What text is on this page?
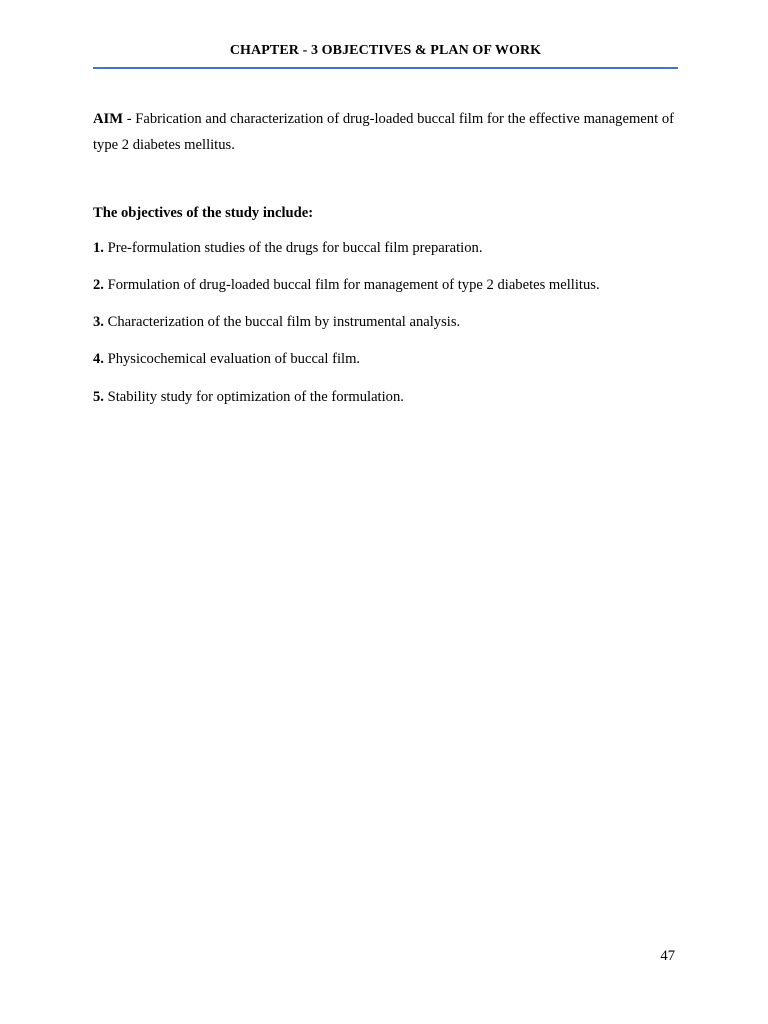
CHAPTER - 3 OBJECTIVES & PLAN OF WORK
AIM - Fabrication and characterization of drug-loaded buccal film for the effective management of type 2 diabetes mellitus.
The objectives of the study include:
1. Pre-formulation studies of the drugs for buccal film preparation.
2. Formulation of drug-loaded buccal film for management of type 2 diabetes mellitus.
3. Characterization of the buccal film by instrumental analysis.
4. Physicochemical evaluation of buccal film.
5. Stability study for optimization of the formulation.
47
